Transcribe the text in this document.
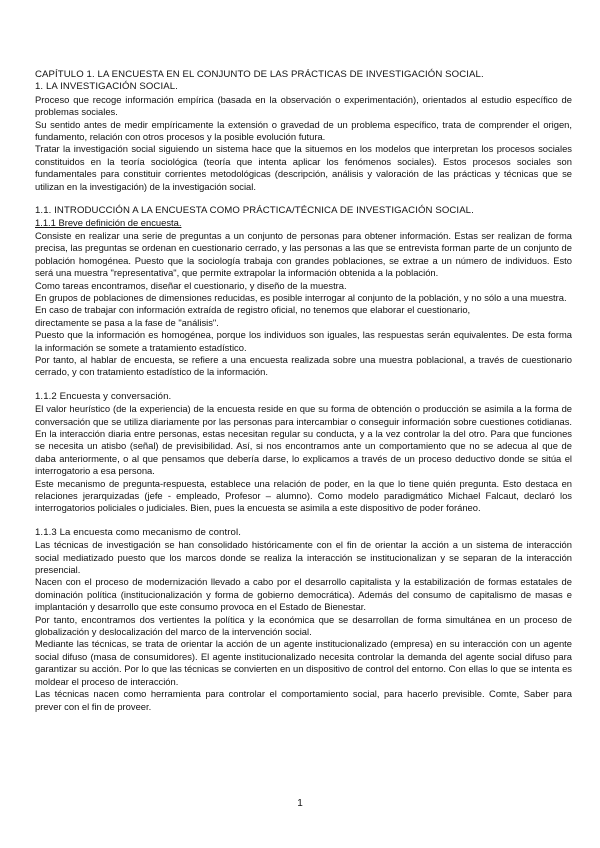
CAPÍTULO 1. LA ENCUESTA EN EL CONJUNTO DE LAS PRÁCTICAS DE INVESTIGACIÓN SOCIAL.

1. LA INVESTIGACIÓN SOCIAL.

Proceso que recoge información empírica (basada en la observación o experimentación), orientados al estudio específico de problemas sociales.

Su sentido antes de medir empíricamente la extensión o gravedad de un problema específico, trata de comprender el origen, fundamento, relación con otros procesos y la posible evolución futura.

Tratar la investigación social siguiendo un sistema hace que la situemos en los modelos que interpretan los procesos sociales constituidos en la teoría sociológica (teoría que intenta aplicar los fenómenos sociales). Estos procesos sociales son fundamentales para constituir corrientes metodológicas (descripción, análisis y valoración de las prácticas y técnicas que se utilizan en la investigación) de la investigación social.

1.1. INTRODUCCIÓN A LA ENCUESTA COMO PRÁCTICA/TÉCNICA DE INVESTIGACIÓN SOCIAL.

1.1.1 Breve definición de encuesta.

Consiste en realizar una serie de preguntas a un conjunto de personas para obtener información. Estas ser realizan de forma precisa, las preguntas se ordenan en cuestionario cerrado, y las personas a las que se entrevista forman parte de un conjunto de población homogénea. Puesto que la sociología trabaja con grandes poblaciones, se extrae a un número de individuos. Esto será una muestra "representativa", que permite extrapolar la información obtenida a la población.

Como tareas encontramos, diseñar el cuestionario, y diseño de la muestra.

En grupos de poblaciones de dimensiones reducidas, es posible interrogar al conjunto de la población, y no sólo a una muestra.

En caso de trabajar con información extraída de registro oficial, no tenemos que elaborar el cuestionario,

directamente se pasa a la fase de "análisis".

Puesto que la información es homogénea, porque los individuos son iguales, las respuestas serán equivalentes. De esta forma la información se somete a tratamiento estadístico.

Por tanto, al hablar de encuesta, se refiere a una encuesta realizada sobre una muestra poblacional, a través de cuestionario cerrado, y con tratamiento estadístico de la información.

1.1.2 Encuesta y conversación.

El valor heurístico (de la experiencia) de la encuesta reside en que su forma de obtención o producción se asimila a la forma de conversación que se utiliza diariamente por las personas para intercambiar o conseguir información sobre cuestiones cotidianas. En la interacción diaria entre personas, estas necesitan regular su conducta, y a la vez controlar la del otro. Para que funciones se necesita un atisbo (señal) de previsibilidad. Así, si nos encontramos ante un comportamiento que no se adecua al que de daba anteriormente, o al que pensamos que debería darse, lo explicamos a través de un proceso deductivo donde se sitúa el interrogatorio a esa persona.

Este mecanismo de pregunta-respuesta, establece una relación de poder, en la que lo tiene quién pregunta. Esto destaca en relaciones jerarquizadas (jefe - empleado, Profesor – alumno). Como modelo paradigmático Michael Falcaut, declaró los interrogatorios policiales o judiciales. Bien, pues la encuesta se asimila a este dispositivo de poder foráneo.

1.1.3 La encuesta como mecanismo de control.

Las técnicas de investigación se han consolidado históricamente con el fin de orientar la acción a un sistema de interacción social mediatizado puesto que los marcos donde se realiza la interacción se institucionalizan y se separan de la interacción presencial.

Nacen con el proceso de modernización llevado a cabo por el desarrollo capitalista y la estabilización de formas estatales de dominación política (institucionalización y forma de gobierno democrática). Además del consumo de capitalismo de masas e implantación y desarrollo que este consumo provoca en el Estado de Bienestar.

Por tanto, encontramos dos vertientes la política y la económica que se desarrollan de forma simultánea en un proceso de globalización y deslocalización del marco de la intervención social.

Mediante las técnicas, se trata de orientar la acción de un agente institucionalizado (empresa) en su interacción con un agente social difuso (masa de consumidores). El agente institucionalizado necesita controlar la demanda del agente social difuso para garantizar su acción. Por lo que las técnicas se convierten en un dispositivo de control del entorno. Con ellas lo que se intenta es moldear el proceso de interacción.

Las técnicas nacen como herramienta para controlar el comportamiento social, para hacerlo previsible. Comte, Saber para prever con el fin de proveer.

1
